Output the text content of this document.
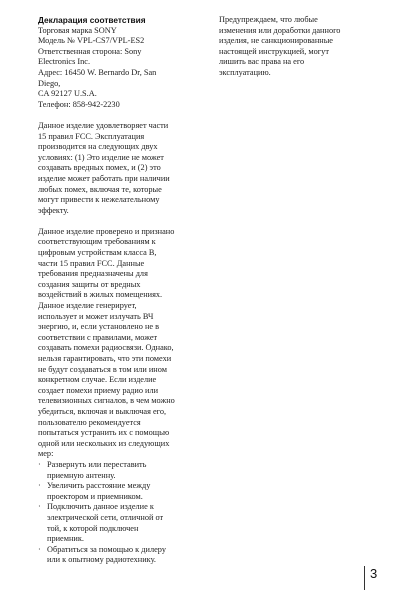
Декларация соответствия
Торговая марка SONY
Модель № VPL-CS7/VPL-ES2
Ответственная сторона: Sony
Electronics Inc.
Адрес: 16450 W. Bernardo Dr, San
Diego,
CA 92127 U.S.A.
Телефон: 858-942-2230
Данное изделие удовлетворяет части
15 правил FCC. Эксплуатация
производится на следующих двух
условиях: (1) Это изделие не может
создавать вредных помех, и (2) это
изделие может работать при наличии
любых помех, включая те, которые
могут привести к нежелательному
эффекту.
Данное изделие проверено и признано
соответствующим требованиям к
цифровым устройствам класса B,
части 15 правил FCC. Данные
требования предназначены для
создания защиты от вредных
воздействий в жилых помещениях.
Данное изделие генерирует,
использует и может излучать ВЧ
энергию, и, если установлено не в
соответствии с правилами, может
создавать помехи радиосвязи. Однако,
нельзя гарантировать, что эти помехи
не будут создаваться в том или ином
конкретном случае. Если изделие
создает помехи приему радио или
телевизионных сигналов, в чем можно
убедиться, включая и выключая его,
пользователю рекомендуется
попытаться устранить их с помощью
одной или нескольких из следующих
мер:
· Развернуть или переставить
приемную антенну.
· Увеличить расстояние между
проектором и приемником.
· Подключить данное изделие к
электрической сети, отличной от
той, к которой подключен
приемник.
· Обратиться за помощью к дилеру
или к опытному радиотехнику.
Предупреждаем, что любые
изменения или доработки данного
изделия, не санкционированные
настоящей инструкцией, могут
лишить вас права на его
эксплуатацию.
3
